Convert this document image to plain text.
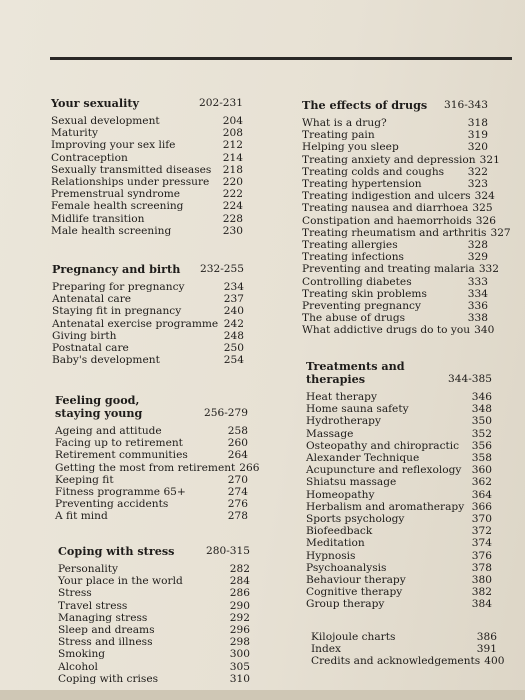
Your sexuality	202-231
Sexual development	204
Maturity	208
Improving your sex life	212
Contraception	214
Sexually transmitted diseases	218
Relationships under pressure	220
Premenstrual syndrome	222
Female health screening	224
Midlife transition	228
Male health screening	230
Pregnancy and birth	232-255
Preparing for pregnancy	234
Antenatal care	237
Staying fit in pregnancy	240
Antenatal exercise programme 242
Giving birth	248
Postnatal care	250
Baby's development	254
Feeling good,
staying young	256-279
Ageing and attitude	258
Facing up to retirement	260
Retirement communities	264
Getting the most from retirement 266
Keeping fit	270
Fitness programme 65+	274
Preventing accidents	276
A fit mind	278
Coping with stress	280-315
Personality	282
Your place in the world	284
Stress	286
Travel stress	290
Managing stress	292
Sleep and dreams	296
Stress and illness	298
Smoking	300
Alcohol	305
Coping with crises	310
The effects of drugs	316-343
What is a drug?	318
Treating pain	319
Helping you sleep	320
Treating anxiety and depression 321
Treating colds and coughs	322
Treating hypertension	323
Treating indigestion and ulcers 324
Treating nausea and diarrhoea 325
Constipation and haemorrhoids 326
Treating rheumatism and arthritis 327
Treating allergies	328
Treating infections	329
Preventing and treating malaria 332
Controlling diabetes	333
Treating skin problems	334
Preventing pregnancy	336
The abuse of drugs	338
What addictive drugs do to you 340
Treatments and
therapies	344-385
Heat therapy	346
Home sauna safety	348
Hydrotherapy	350
Massage	352
Osteopathy and chiropractic	356
Alexander Technique	358
Acupuncture and reflexology 360
Shiatsu massage	362
Homeopathy	364
Herbalism and aromatherapy 366
Sports psychology	370
Biofeedback	372
Meditation	374
Hypnosis	376
Psychoanalysis	378
Behaviour therapy	380
Cognitive therapy	382
Group therapy	384
Kilojoule charts	386
Index	391
Credits and acknowledgements 400
